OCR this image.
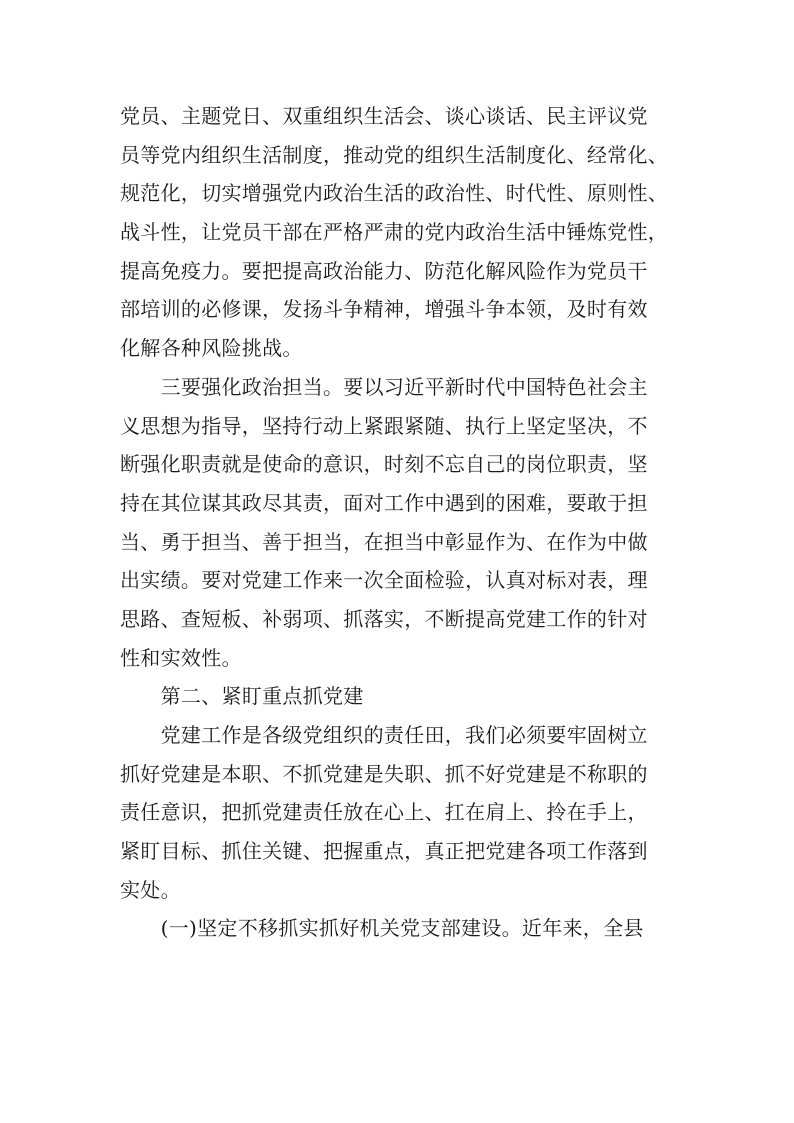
党员、主题党日、双重组织生活会、谈心谈话、民主评议党
员等党内组织生活制度，推动党的组织生活制度化、经常化、
规范化，切实增强党内政治生活的政治性、时代性、原则性、
战斗性，让党员干部在严格严肃的党内政治生活中锤炼党性，
提高免疫力。要把提高政治能力、防范化解风险作为党员干
部培训的必修课，发扬斗争精神，增强斗争本领，及时有效
化解各种风险挑战。
　　三要强化政治担当。要以习近平新时代中国特色社会主
义思想为指导，坚持行动上紧跟紧随、执行上坚定坚决，不
断强化职责就是使命的意识，时刻不忘自己的岗位职责，坚
持在其位谋其政尽其责，面对工作中遇到的困难，要敢于担
当、勇于担当、善于担当，在担当中彰显作为、在作为中做
出实绩。要对党建工作来一次全面检验，认真对标对表，理
思路、查短板、补弱项、抓落实，不断提高党建工作的针对
性和实效性。
　　第二、紧盯重点抓党建
　　党建工作是各级党组织的责任田，我们必须要牢固树立
抓好党建是本职、不抓党建是失职、抓不好党建是不称职的
责任意识，把抓党建责任放在心上、扛在肩上、拎在手上，
紧盯目标、抓住关键、把握重点，真正把党建各项工作落到
实处。
　　(一)坚定不移抓实抓好机关党支部建设。近年来，全县
